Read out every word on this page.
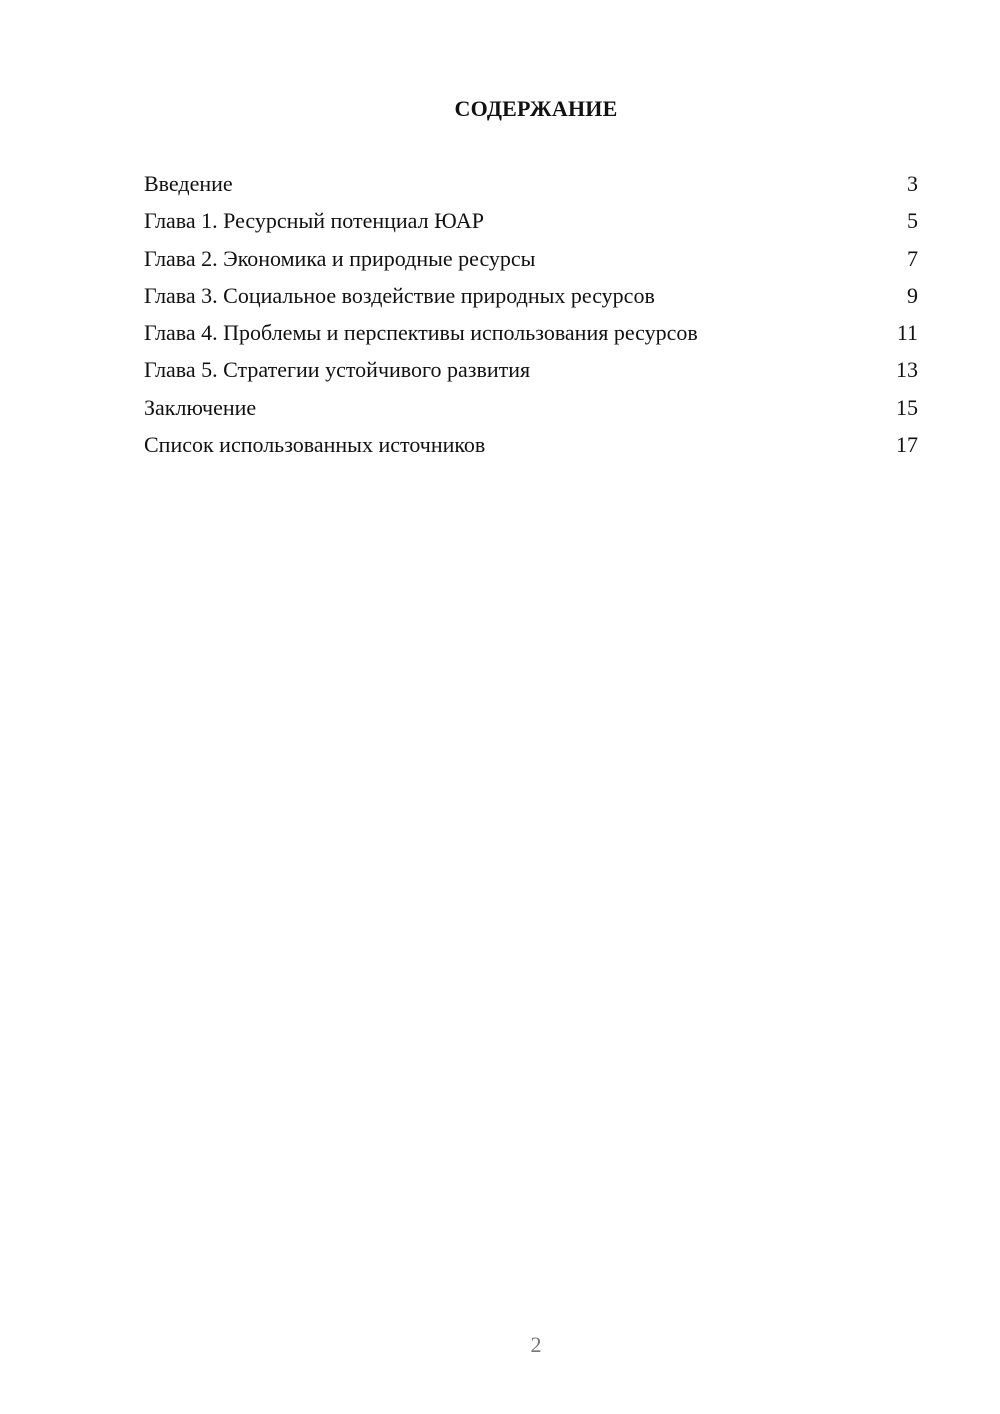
СОДЕРЖАНИЕ
Введение	3
Глава 1. Ресурсный потенциал ЮАР	5
Глава 2. Экономика и природные ресурсы	7
Глава 3. Социальное воздействие природных ресурсов	9
Глава 4. Проблемы и перспективы использования ресурсов	11
Глава 5. Стратегии устойчивого развития	13
Заключение	15
Список использованных источников	17
2
